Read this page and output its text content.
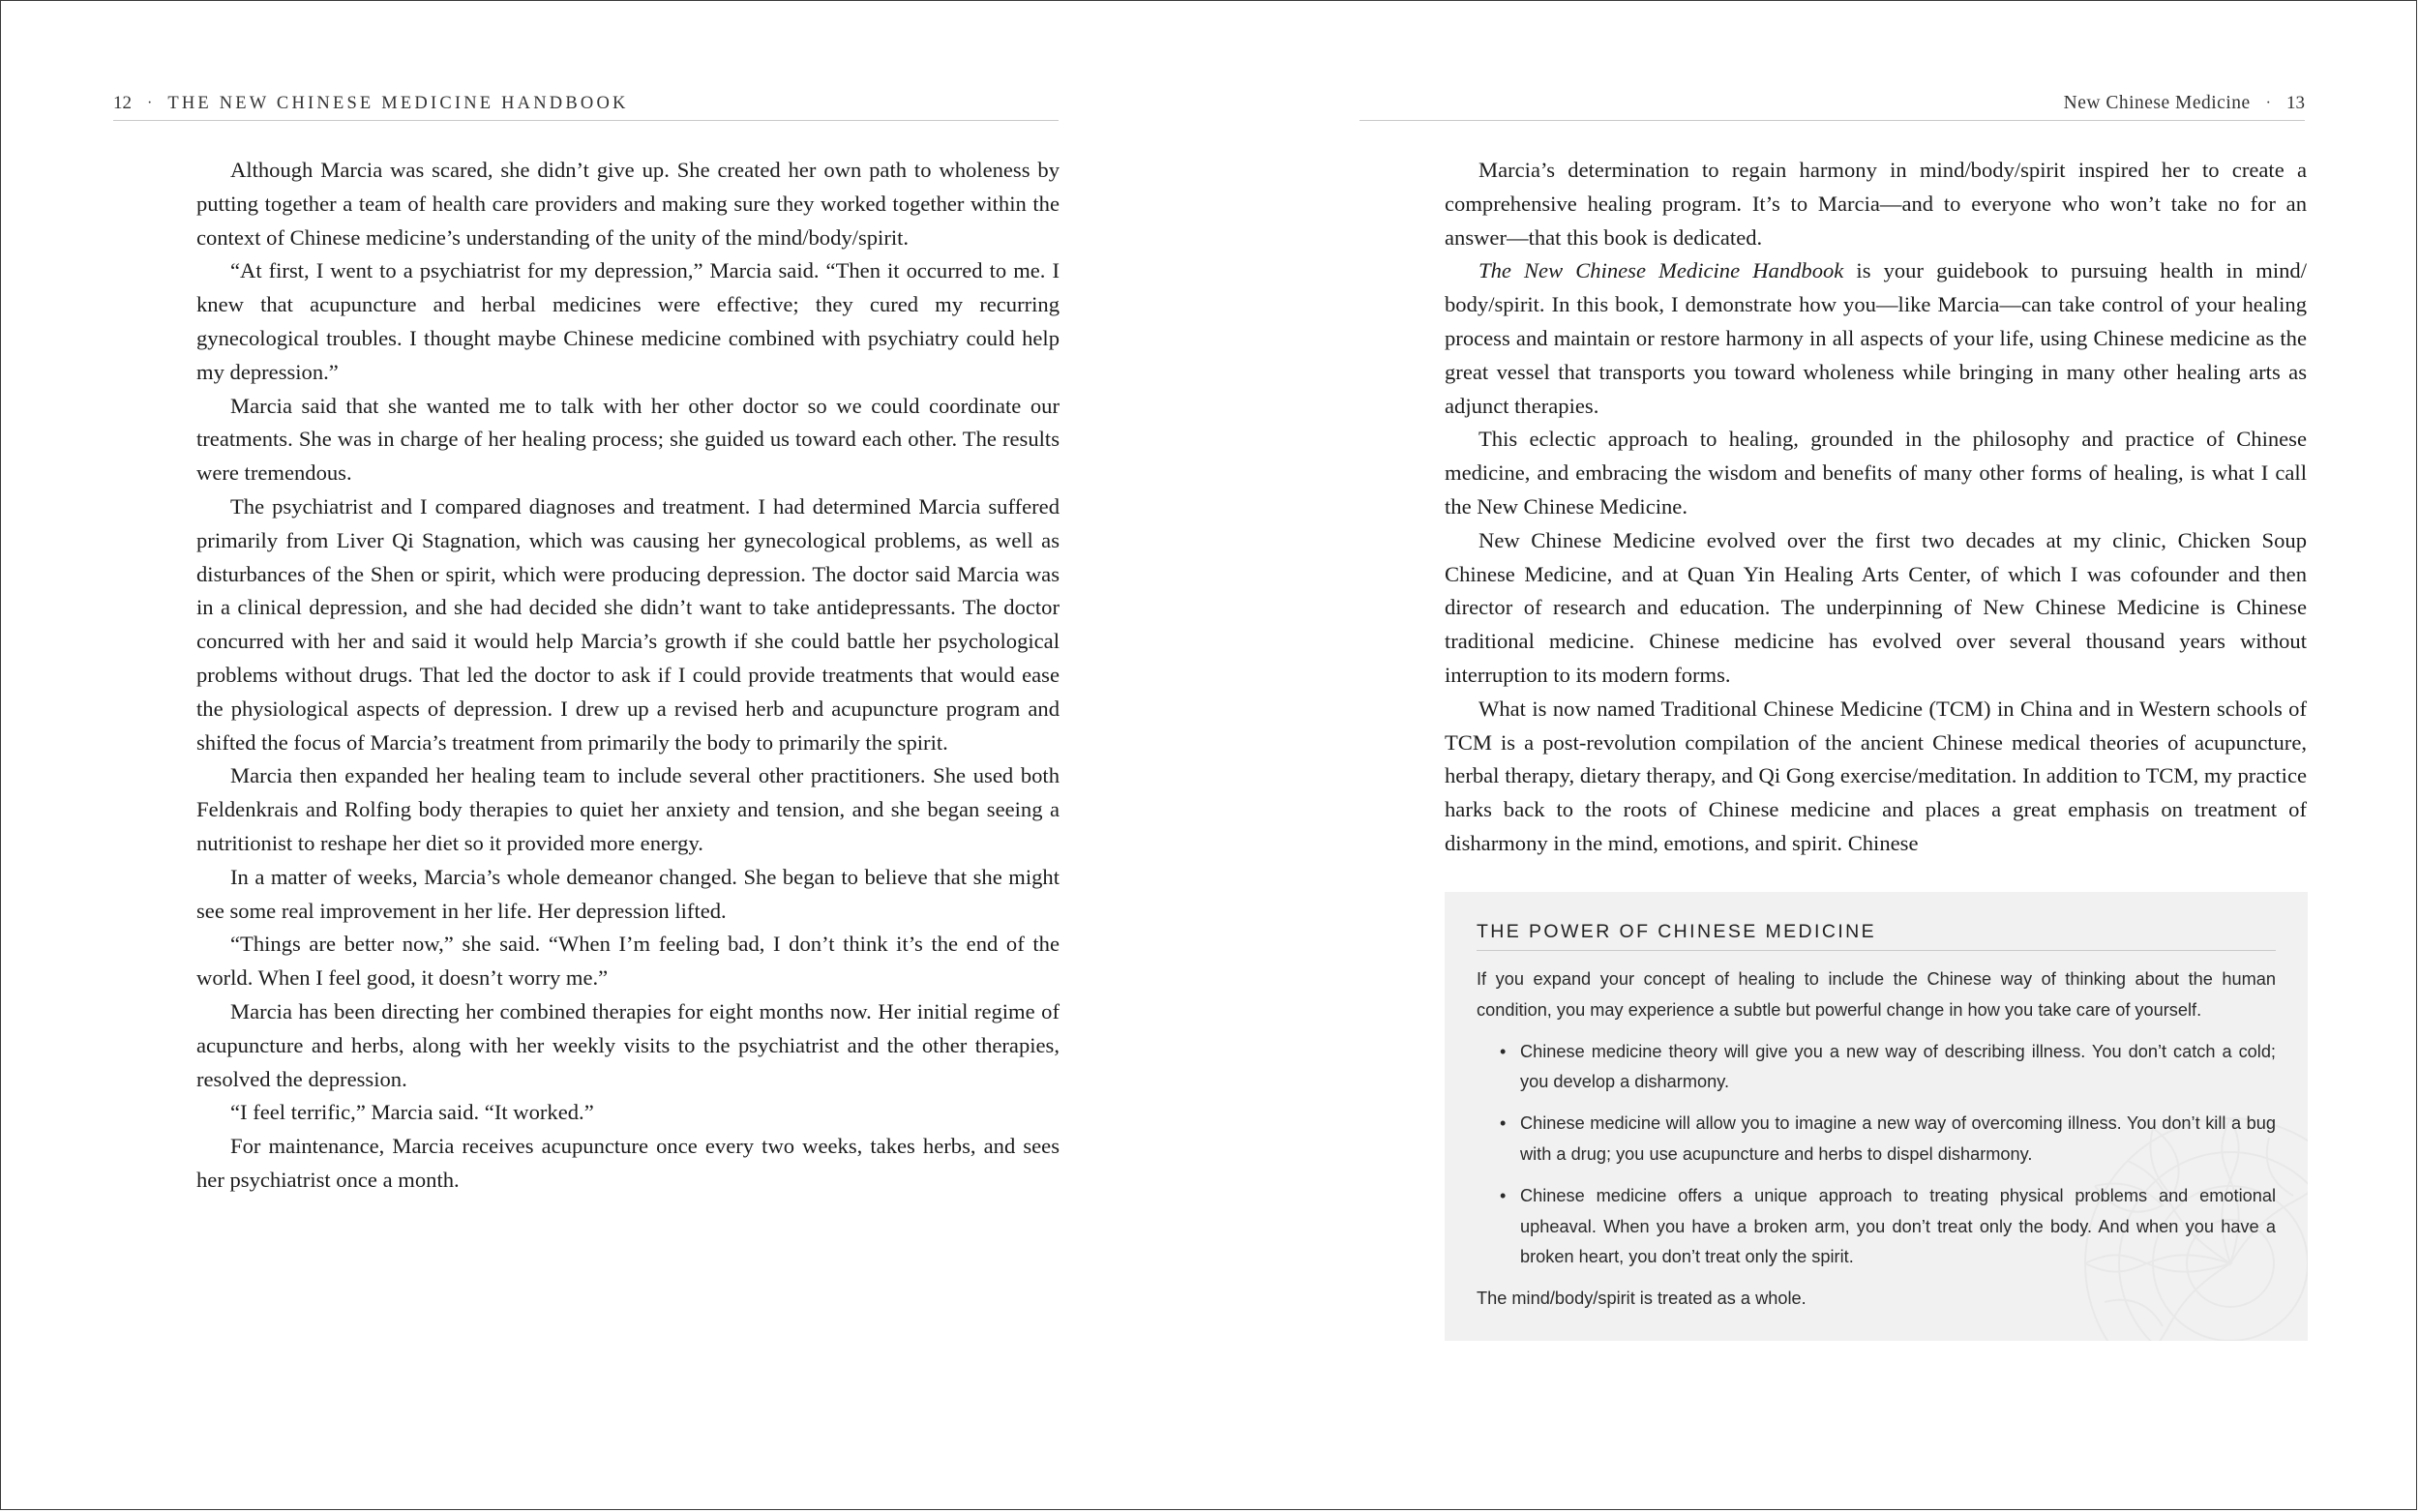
12 · THE NEW CHINESE MEDICINE HANDBOOK

Although Marcia was scared, she didn’t give up. She created her own path to wholeness by putting together a team of health care providers and making sure they worked together within the context of Chinese medicine’s understanding of the unity of the mind/body/spirit.

“At first, I went to a psychiatrist for my depression,” Marcia said. “Then it occurred to me. I knew that acupuncture and herbal medicines were effective; they cured my recurring gynecological troubles. I thought maybe Chinese medicine combined with psychiatry could help my depression.”

Marcia said that she wanted me to talk with her other doctor so we could coordinate our treatments. She was in charge of her healing process; she guided us toward each other. The results were tremendous.

The psychiatrist and I compared diagnoses and treatment. I had determined Marcia suffered primarily from Liver Qi Stagnation, which was causing her gynecological problems, as well as disturbances of the Shen or spirit, which were producing depression. The doctor said Marcia was in a clinical depression, and she had decided she didn’t want to take antidepressants. The doctor concurred with her and said it would help Marcia’s growth if she could battle her psychological problems without drugs. That led the doctor to ask if I could provide treatments that would ease the physiological aspects of depression. I drew up a revised herb and acupuncture program and shifted the focus of Marcia’s treatment from primarily the body to primarily the spirit.

Marcia then expanded her healing team to include several other practitioners. She used both Feldenkrais and Rolfing body therapies to quiet her anxiety and tension, and she began seeing a nutritionist to reshape her diet so it provided more energy.

In a matter of weeks, Marcia’s whole demeanor changed. She began to believe that she might see some real improvement in her life. Her depression lifted.

“Things are better now,” she said. “When I’m feeling bad, I don’t think it’s the end of the world. When I feel good, it doesn’t worry me.”

Marcia has been directing her combined therapies for eight months now. Her initial regime of acupuncture and herbs, along with her weekly visits to the psychiatrist and the other therapies, resolved the depression.

“I feel terrific,” Marcia said. “It worked.”

For maintenance, Marcia receives acupuncture once every two weeks, takes herbs, and sees her psychiatrist once a month.

New Chinese Medicine · 13

Marcia’s determination to regain harmony in mind/body/spirit inspired her to create a comprehensive healing program. It’s to Marcia—and to everyone who won’t take no for an answer—that this book is dedicated.

The New Chinese Medicine Handbook is your guidebook to pursuing health in mind/ body/spirit. In this book, I demonstrate how you—like Marcia—can take control of your healing process and maintain or restore harmony in all aspects of your life, using Chinese medicine as the great vessel that transports you toward wholeness while bringing in many other healing arts as adjunct therapies.

This eclectic approach to healing, grounded in the philosophy and practice of Chinese medicine, and embracing the wisdom and benefits of many other forms of healing, is what I call the New Chinese Medicine.

New Chinese Medicine evolved over the first two decades at my clinic, Chicken Soup Chinese Medicine, and at Quan Yin Healing Arts Center, of which I was cofounder and then director of research and education. The underpinning of New Chinese Medicine is Chinese traditional medicine. Chinese medicine has evolved over several thousand years without interruption to its modern forms.

What is now named Traditional Chinese Medicine (TCM) in China and in Western schools of TCM is a post-revolution compilation of the ancient Chinese medical theories of acupuncture, herbal therapy, dietary therapy, and Qi Gong exercise/meditation. In addition to TCM, my practice harks back to the roots of Chinese medicine and places a great emphasis on treatment of disharmony in the mind, emotions, and spirit. Chinese

THE POWER OF CHINESE MEDICINE

If you expand your concept of healing to include the Chinese way of thinking about the human condition, you may experience a subtle but powerful change in how you take care of yourself.

• Chinese medicine theory will give you a new way of describing illness. You don’t catch a cold; you develop a disharmony.
• Chinese medicine will allow you to imagine a new way of overcoming illness. You don’t kill a bug with a drug; you use acupuncture and herbs to dispel disharmony.
• Chinese medicine offers a unique approach to treating physical problems and emotional upheaval. When you have a broken arm, you don’t treat only the body. And when you have a broken heart, you don’t treat only the spirit.

The mind/body/spirit is treated as a whole.
